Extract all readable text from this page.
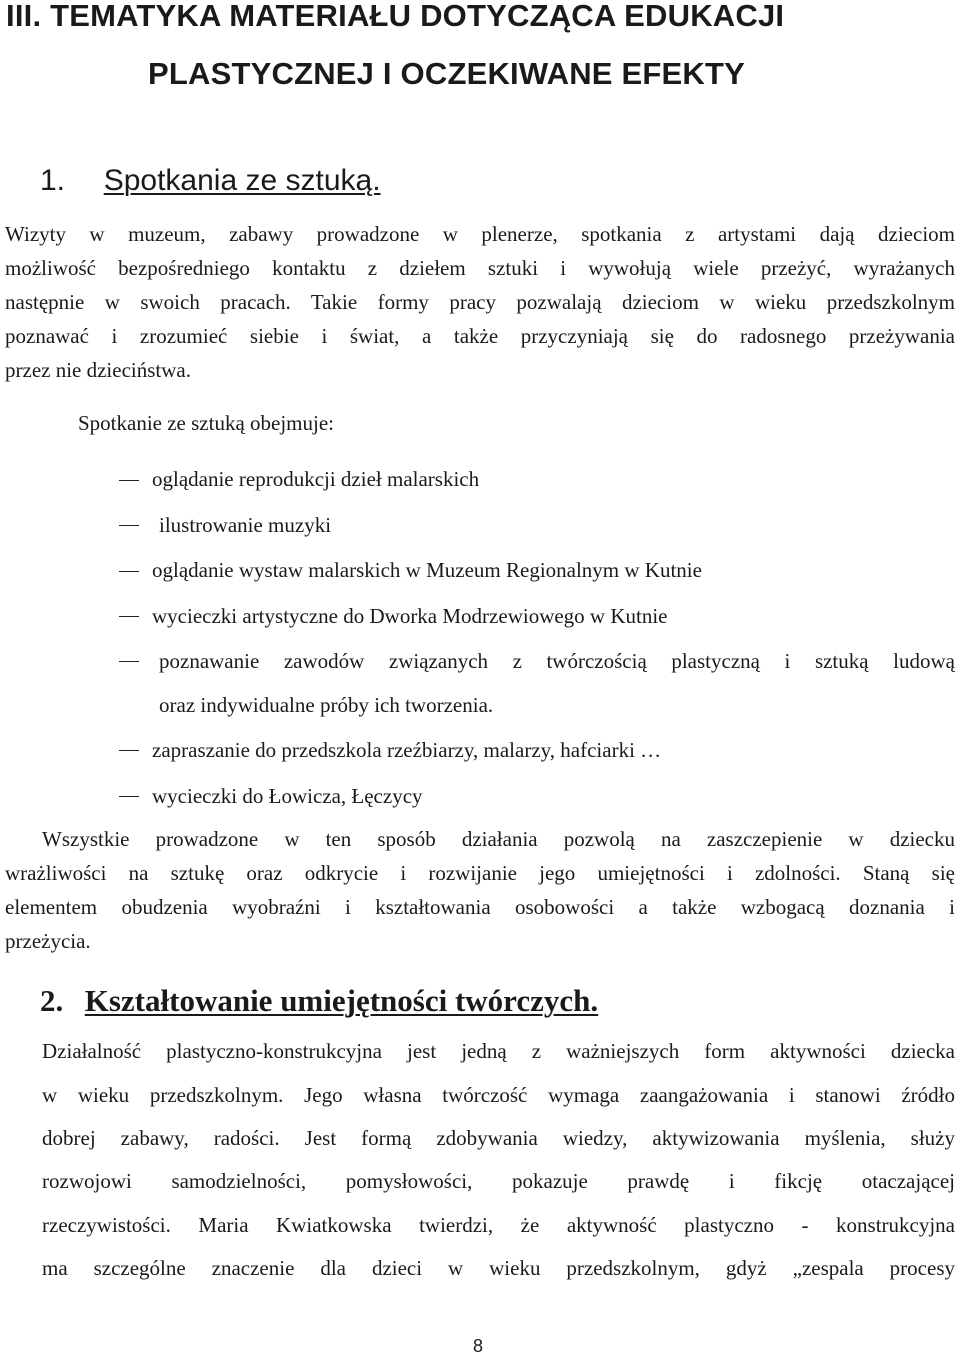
III. TEMATYKA MATERIAŁU DOTYCZĄCA EDUKACJI
PLASTYCZNEJ I OCZEKIWANE EFEKTY
1. Spotkania ze sztuką.
Wizyty w muzeum, zabawy prowadzone w plenerze, spotkania z artystami dają dzieciom
możliwość bezpośredniego kontaktu z dziełem sztuki i wywołują wiele przeżyć, wyrażanych
następnie w swoich pracach. Takie formy pracy pozwalają dzieciom w wieku przedszkolnym
poznawać i zrozumieć siebie i świat, a także przyczyniają się do radosnego przeżywania
przez nie dzieciństwa.
Spotkanie ze sztuką obejmuje:
oglądanie reprodukcji dzieł malarskich
ilustrowanie muzyki
oglądanie wystaw malarskich w Muzeum Regionalnym w Kutnie
wycieczki artystyczne do Dworka Modrzewiowego w Kutnie
poznawanie zawodów związanych z twórczością plastyczną i sztuką ludową
oraz indywidualne próby ich tworzenia.
zapraszanie do przedszkola rzeźbiarzy, malarzy, hafciarki …
wycieczki do Łowicza, Łęczycy
Wszystkie prowadzone w ten sposób działania pozwolą na zaszczepienie w dziecku
wrażliwości na sztukę oraz odkrycie i rozwijanie jego umiejętności i zdolności. Staną się
elementem obudzenia wyobraźni i kształtowania osobowości a także wzbogacą doznania i
przeżycia.
2. Kształtowanie umiejętności twórczych.
Działalność plastyczno-konstrukcyjna jest jedną z ważniejszych form aktywności dziecka
w wieku przedszkolnym. Jego własna twórczość wymaga zaangażowania i stanowi źródło
dobrej zabawy, radości. Jest formą zdobywania wiedzy, aktywizowania myślenia, służy
rozwojowi samodzielności, pomysłowości, pokazuje prawdę i fikcję otaczającej
rzeczywistości. Maria Kwiatkowska twierdzi, że aktywność plastyczno - konstrukcyjna
ma szczególne znaczenie dla dzieci w wieku przedszkolnym, gdyż „zespala procesy
8
